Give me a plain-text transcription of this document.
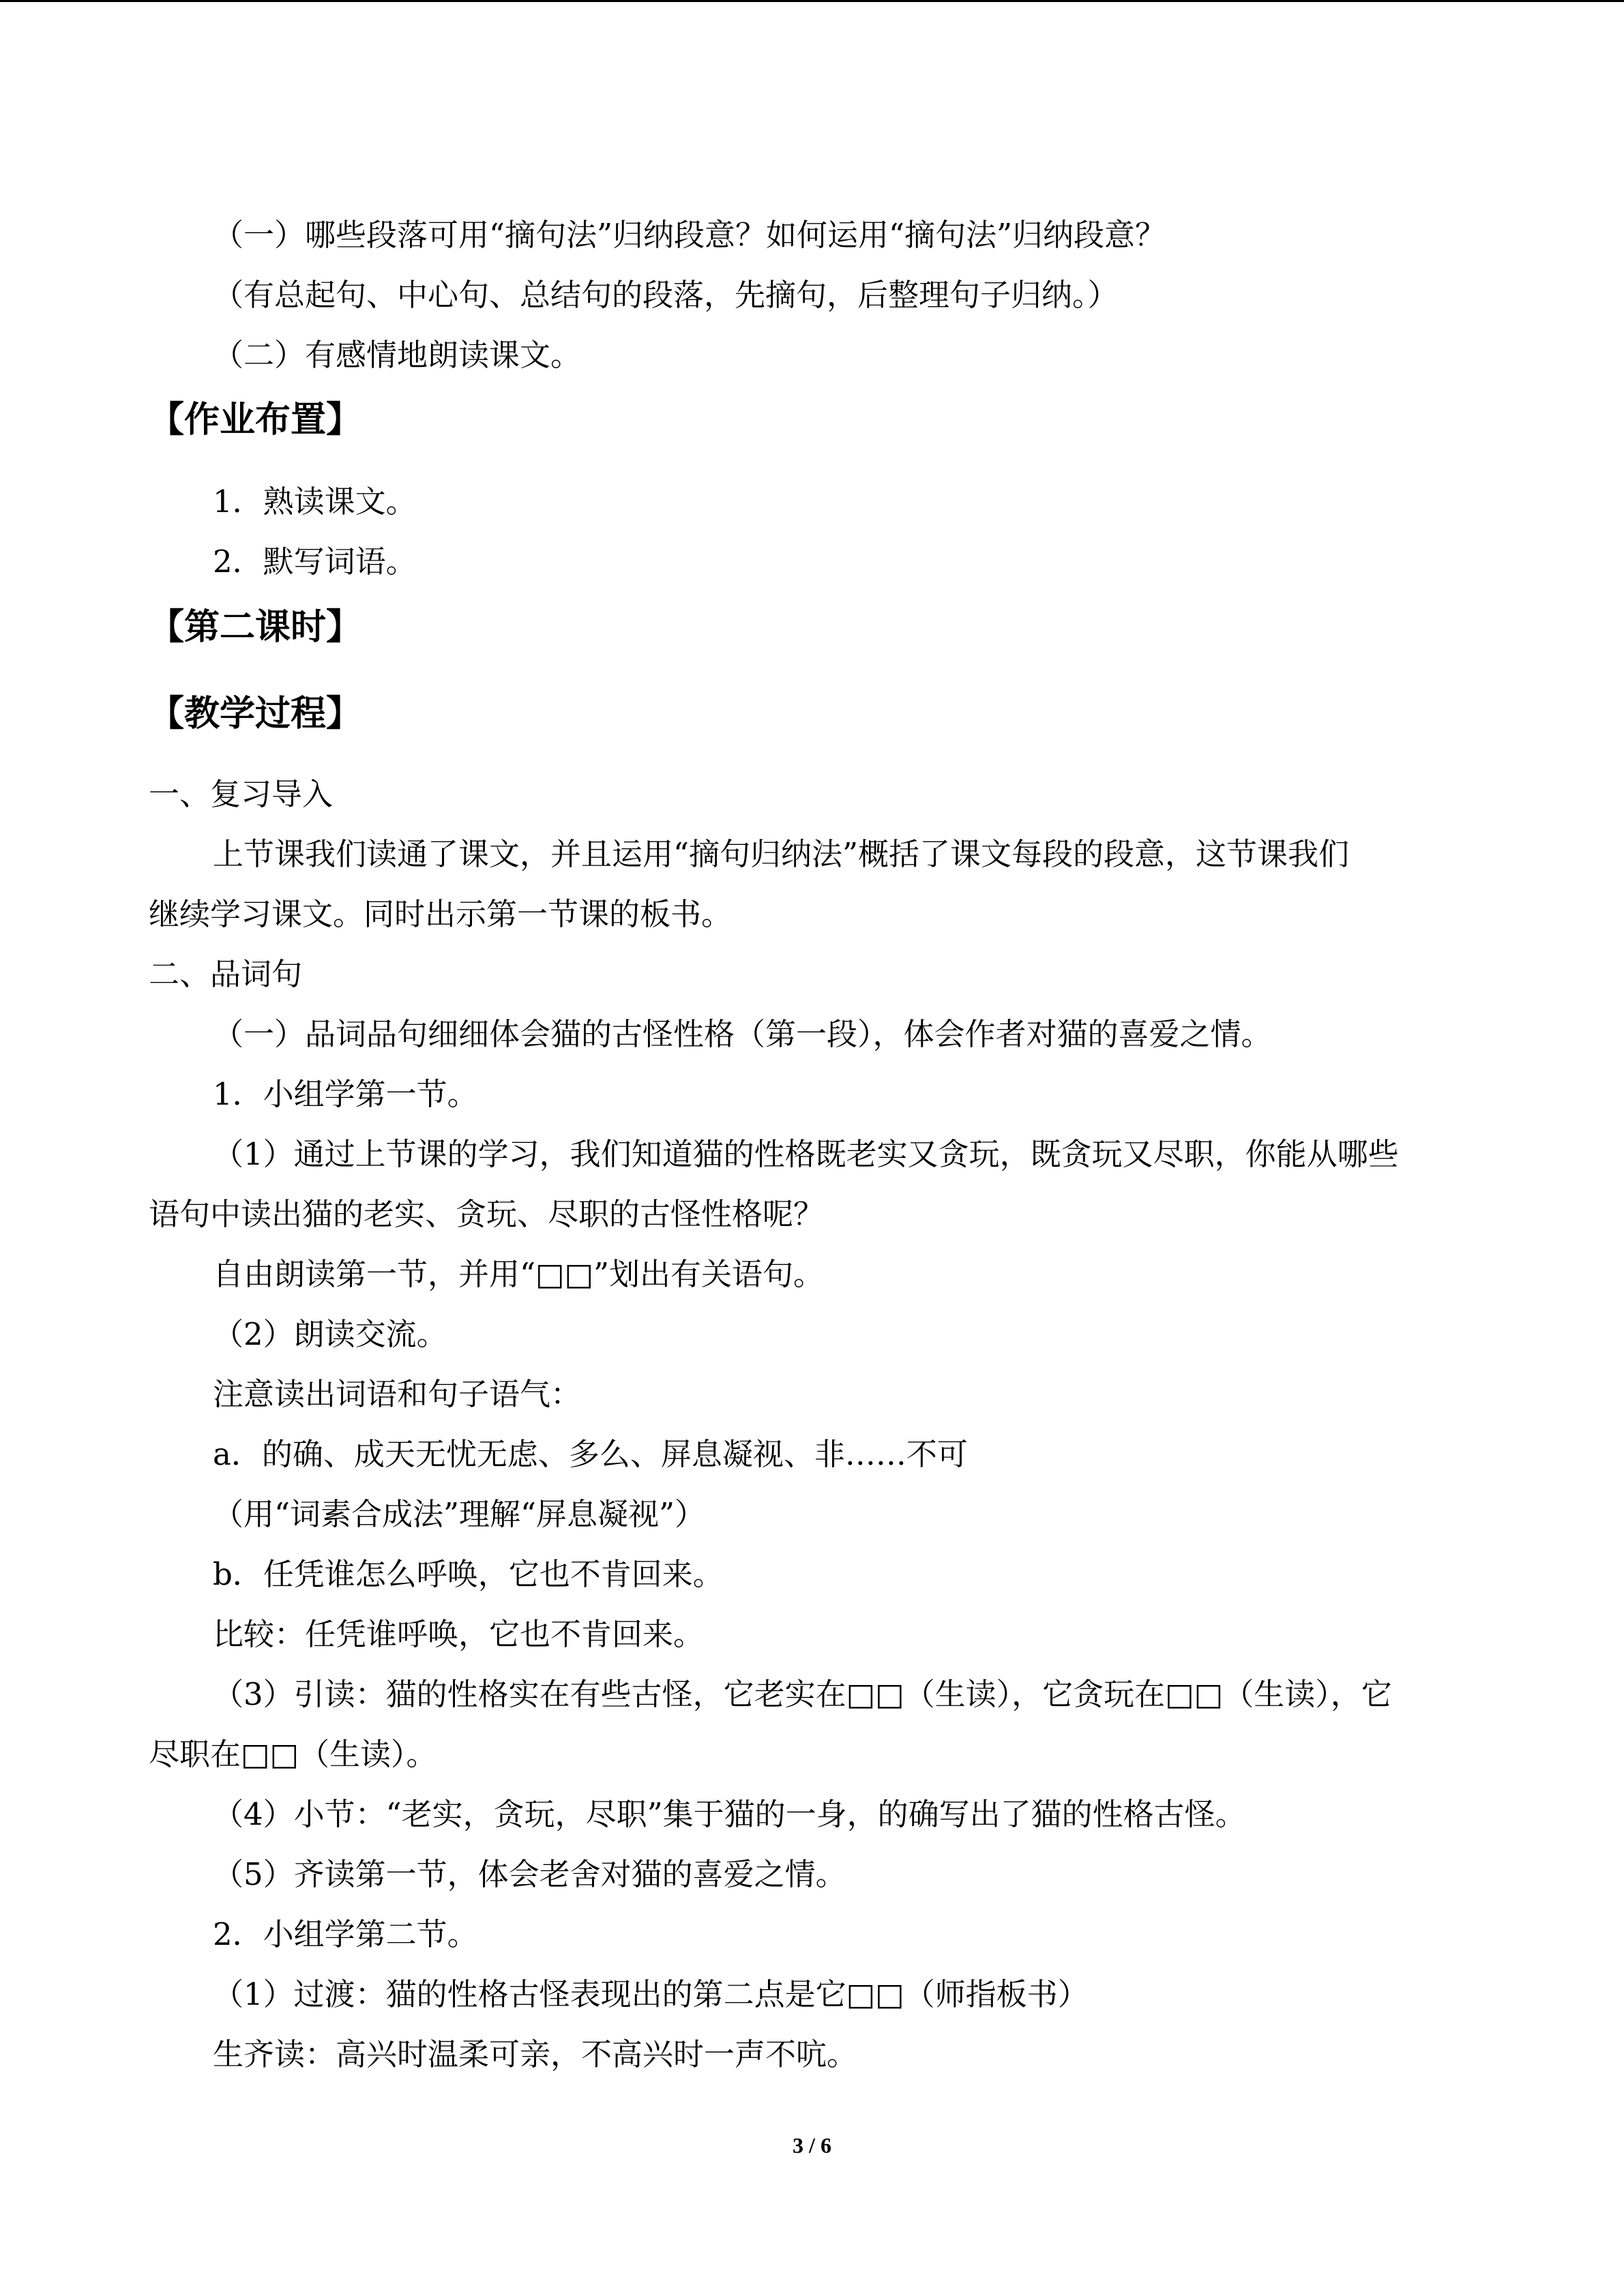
（一）哪些段落可用“摘句法”归纳段意？如何运用“摘句法”归纳段意？
（有总起句、中心句、总结句的段落，先摘句，后整理句子归纳。）
（二）有感情地朗读课文。
【作业布置】
1．熟读课文。
2．默写词语。
【第二课时】
【教学过程】
一、复习导入
上节课我们读通了课文，并且运用“摘句归纳法”概括了课文每段的段意，这节课我们
继续学习课文。同时出示第一节课的板书。
二、品词句
（一）品词品句细细体会猫的古怪性格（第一段），体会作者对猫的喜爱之情。
1．小组学第一节。
（1）通过上节课的学习，我们知道猫的性格既老实又贪玩，既贪玩又尽职，你能从哪些
语句中读出猫的老实、贪玩、尽职的古怪性格呢？
自由朗读第一节，并用“□□”划出有关语句。
（2）朗读交流。
注意读出词语和句子语气：
a．的确、成天无忧无虑、多么、屏息凝视、非……不可
（用“词素合成法”理解“屏息凝视”）
b．任凭谁怎么呼唤，它也不肯回来。
比较：任凭谁呼唤，它也不肯回来。
（3）引读：猫的性格实在有些古怪，它老实在□□（生读），它贪玩在□□（生读），它
尽职在□□（生读）。
（4）小节：“老实，贪玩，尽职”集于猫的一身，的确写出了猫的性格古怪。
（5）齐读第一节，体会老舍对猫的喜爱之情。
2．小组学第二节。
（1）过渡：猫的性格古怪表现出的第二点是它□□（师指板书）
生齐读：高兴时温柔可亲，不高兴时一声不吭。
3 / 6
